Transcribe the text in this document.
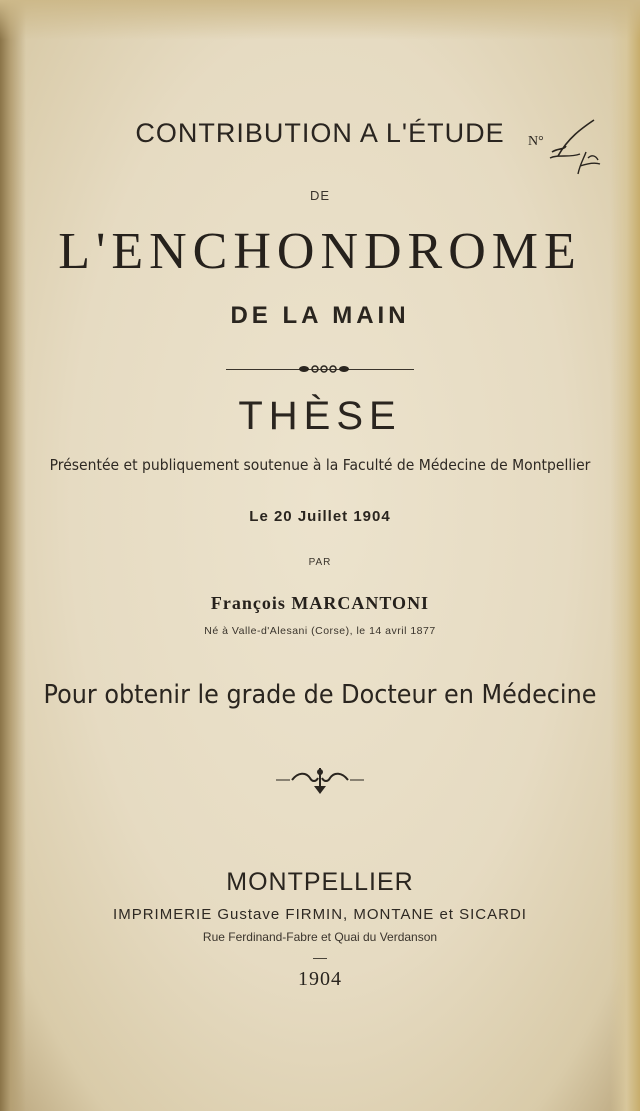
CONTRIBUTION A L'ÉTUDE
DE
L'ENCHONDROME
DE LA MAIN
THÈSE
Présentée et publiquement soutenue à la Faculté de Médecine de Montpellier
Le 20 Juillet 1904
PAR
François MARCANTONI
Né à Valle-d'Alesani (Corse), le 14 avril 1877
Pour obtenir le grade de Docteur en Médecine
MONTPELLIER
IMPRIMERIE Gustave FIRMIN, MONTANE et SICARDI
Rue Ferdinand-Fabre et Quai du Verdanson
1904
N°
